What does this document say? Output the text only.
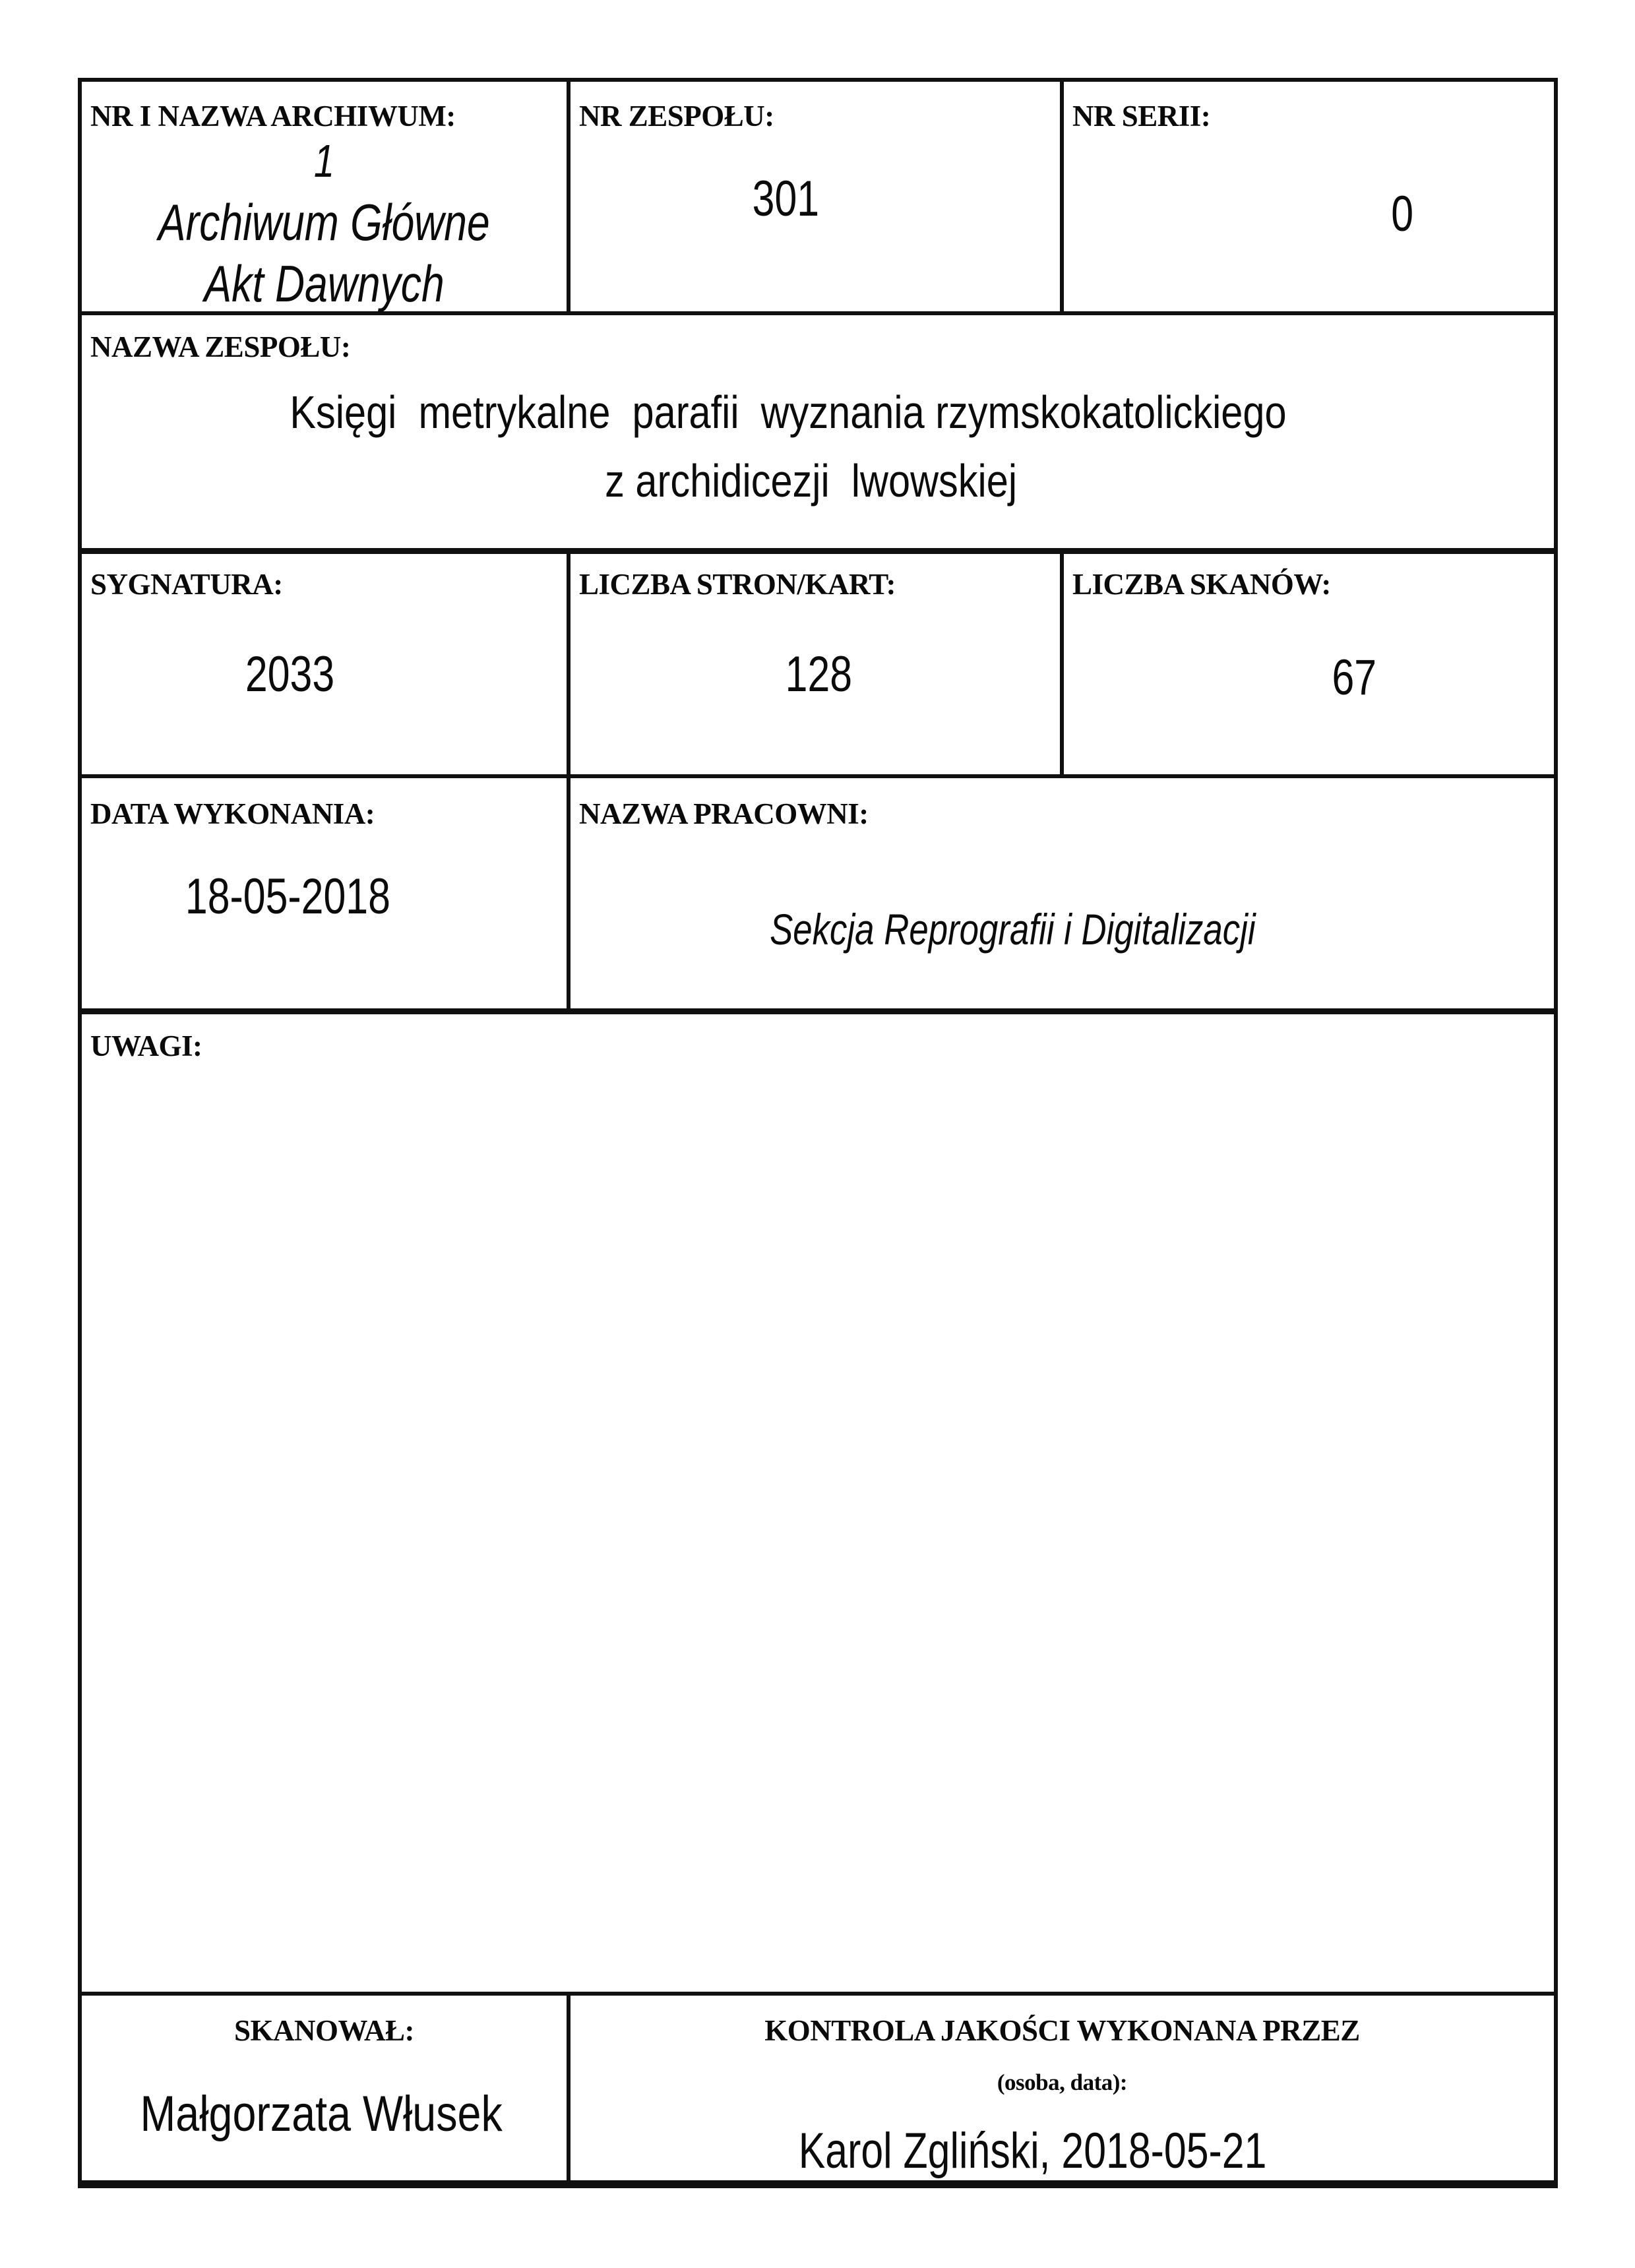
NR I NAZWA ARCHIWUM:
1
Archiwum Główne
Akt Dawnych
NR ZESPOŁU:
301
NR SERII:
0
NAZWA ZESPOŁU:
Księgi  metrykalne  parafii  wyznania rzymskokatolickiego
z archidicezji  lwowskiej
SYGNATURA:
2033
LICZBA STRON/KART:
128
LICZBA SKANÓW:
67
DATA WYKONANIA:
18-05-2018
NAZWA PRACOWNI:
Sekcja Reprografii i Digitalizacji
UWAGI:
SKANOWAŁ:
Małgorzata Włusek
KONTROLA JAKOŚCI WYKONANA PRZEZ
(osoba, data):
Karol Zgliński, 2018-05-21
